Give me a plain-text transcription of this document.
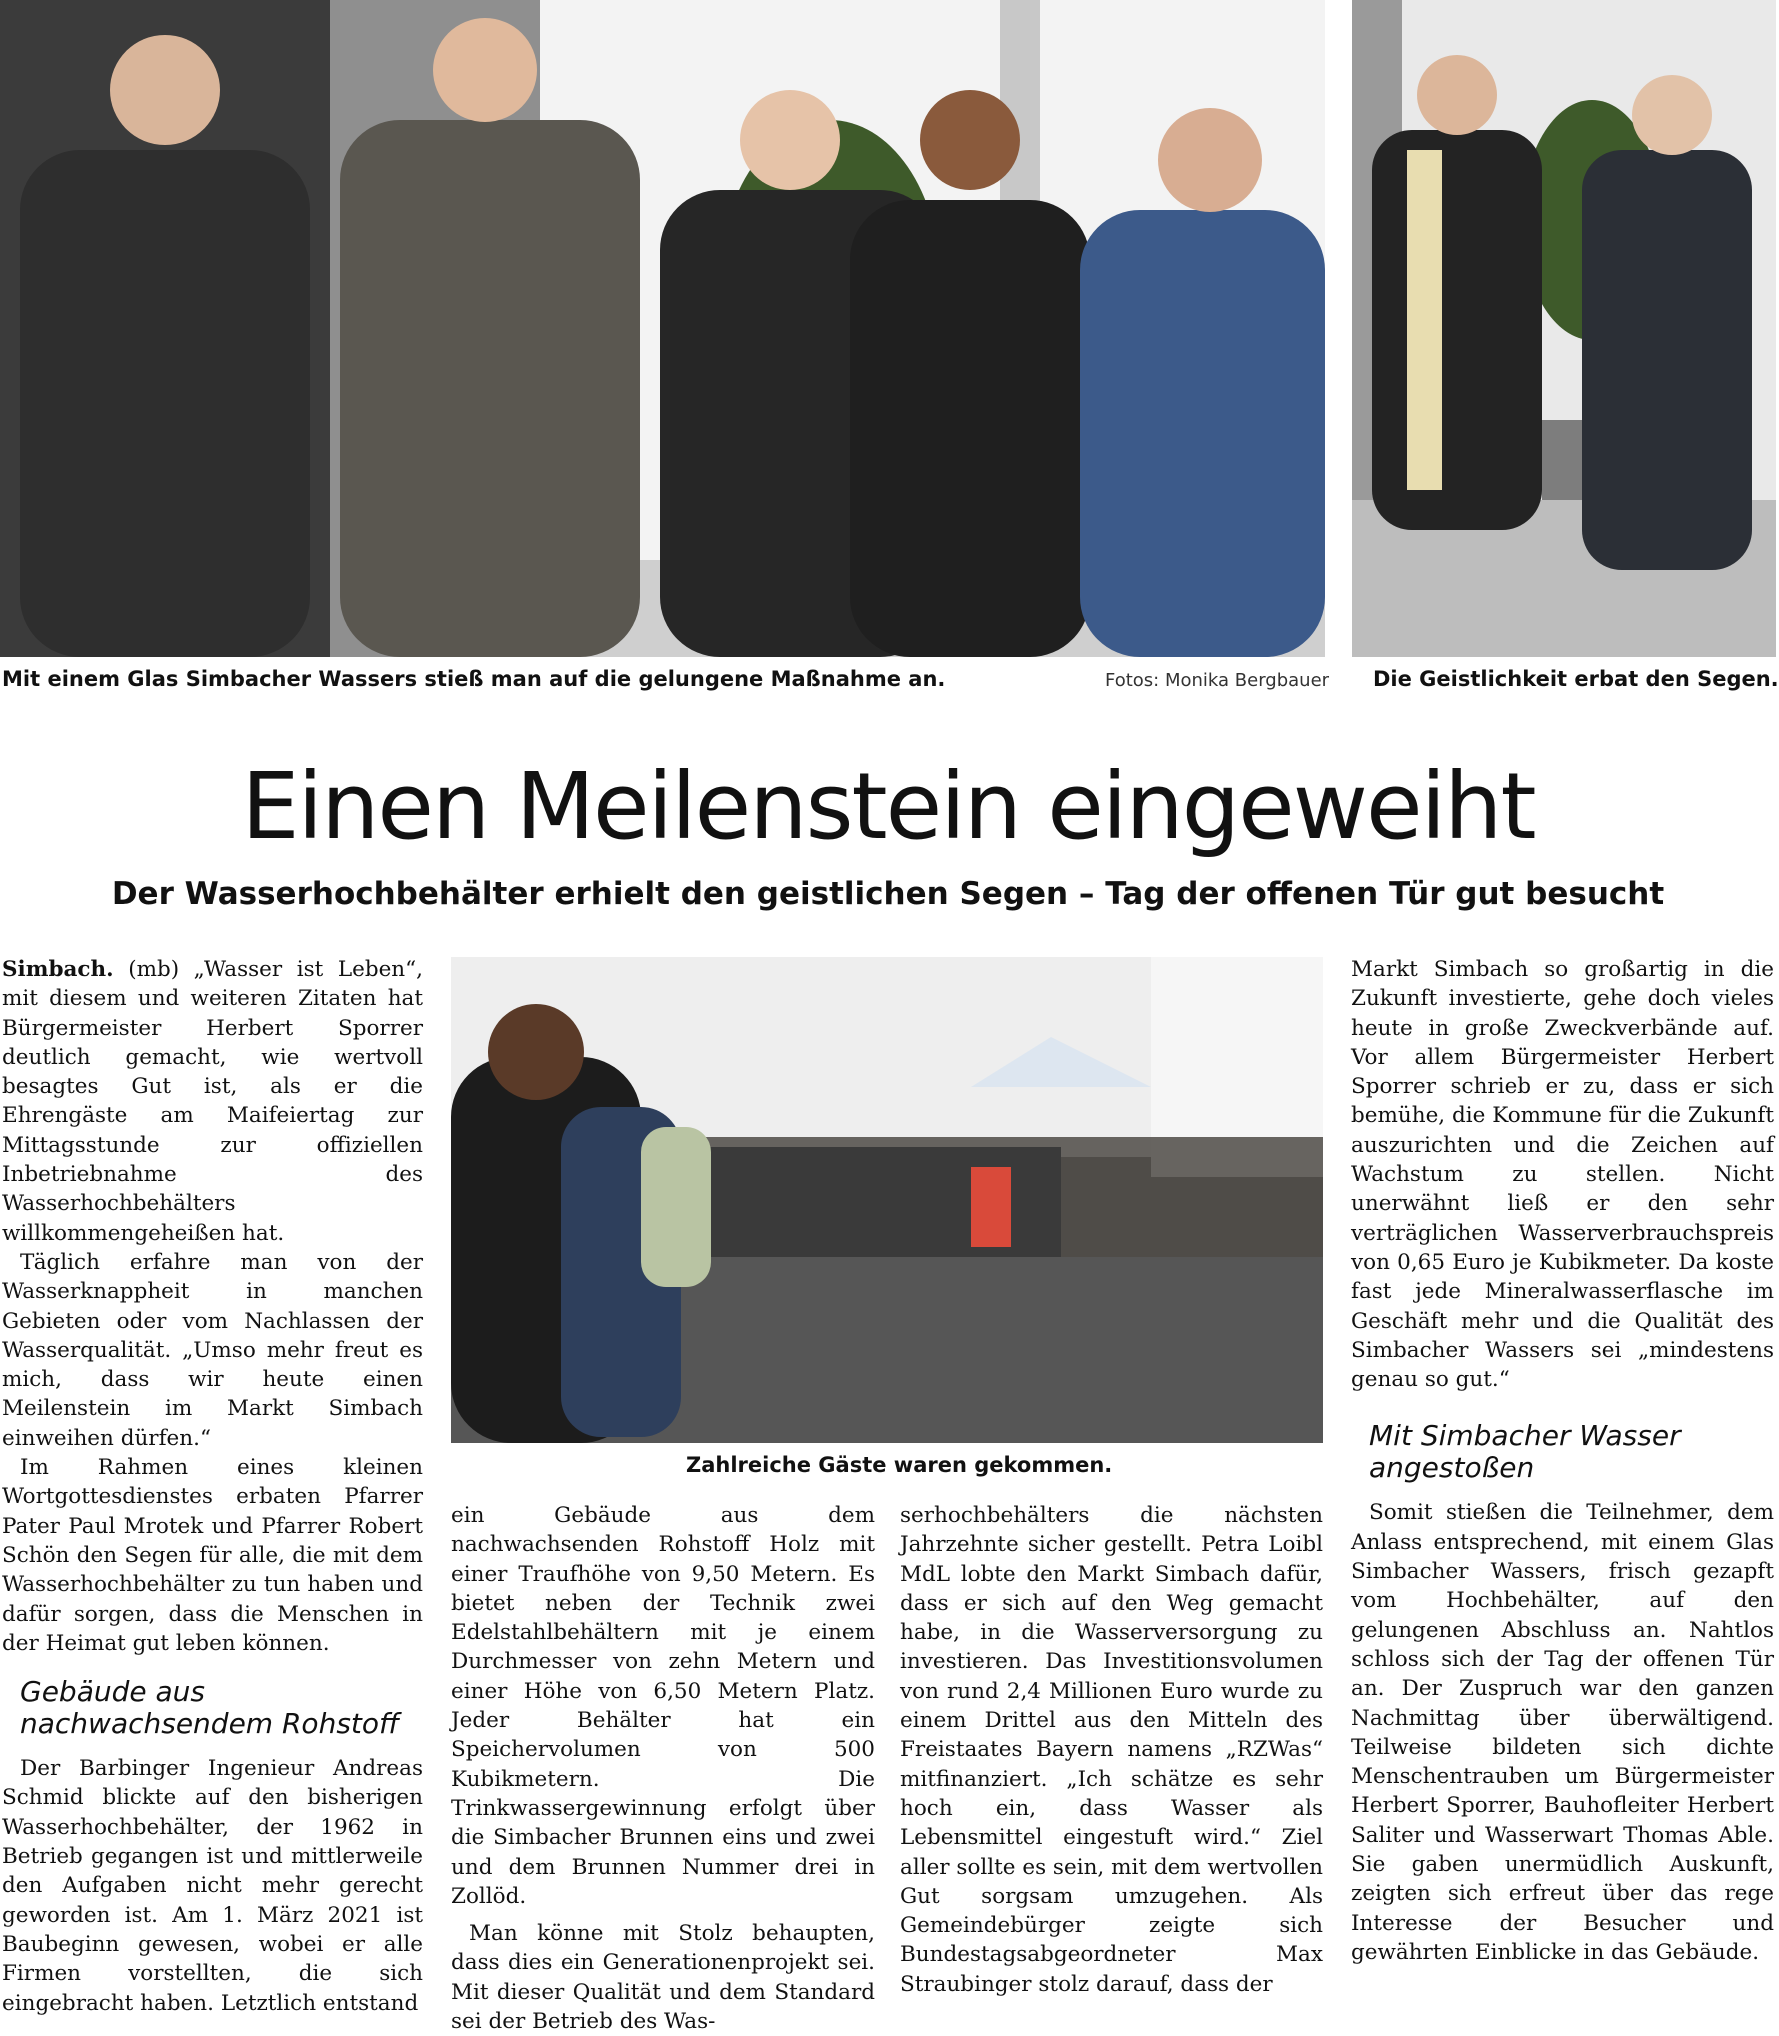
Mit einem Glas Simbacher Wassers stieß man auf die gelungene Maßnahme an.	Fotos: Monika Bergbauer Die Geistlichkeit erbat den Segen.
Einen Meilenstein eingeweiht
Der Wasserhochbehälter erhielt den geistlichen Segen – Tag der offenen Tür gut besucht
Zahlreiche Gäste waren gekommen.

Simbach. (mb) „Wasser ist Leben“, mit diesem und weiteren Zitaten hat Bürgermeister Herbert Sporrer deutlich gemacht, wie wertvoll besagtes Gut ist, als er die Ehrengäste am Maifeiertag zur Mittagsstunde zur offiziellen Inbetriebnahme des Wasserhochbehälters willkommengeheißen hat.

Täglich erfahre man von der Wasserknappheit in manchen Gebieten oder vom Nachlassen der Wasserqualität. „Umso mehr freut es mich, dass wir heute einen Meilenstein im Markt Simbach einweihen dürfen.“

Im Rahmen eines kleinen Wortgottesdienstes erbaten Pfarrer Pater Paul Mrotek und Pfarrer Robert Schön den Segen für alle, die mit dem Wasserhochbehälter zu tun haben und dafür sorgen, dass die Menschen in der Heimat gut leben können.

Gebäude aus nachwachsendem Rohstoff

Der Barbinger Ingenieur Andreas Schmid blickte auf den bisherigen Wasserhochbehälter, der 1962 in Betrieb gegangen ist und mittlerweile den Aufgaben nicht mehr gerecht geworden ist. Am 1. März 2021 ist Baubeginn gewesen, wobei er alle Firmen vorstellten, die sich eingebracht haben. Letztlich entstand

ein Gebäude aus dem nachwachsenden Rohstoff Holz mit einer Traufhöhe von 9,50 Metern. Es bietet neben der Technik zwei Edelstahlbehältern mit je einem Durchmesser von zehn Metern und einer Höhe von 6,50 Metern Platz. Jeder Behälter hat ein Speichervolumen von 500 Kubikmetern. Die Trinkwassergewinnung erfolgt über die Simbacher Brunnen eins und zwei und dem Brunnen Nummer drei in Zollöd.

Man könne mit Stolz behaupten, dass dies ein Generationenprojekt sei. Mit dieser Qualität und dem Standard sei der Betrieb des Was-

serhochbehälters die nächsten Jahrzehnte sicher gestellt. Petra Loibl MdL lobte den Markt Simbach dafür, dass er sich auf den Weg gemacht habe, in die Wasserversorgung zu investieren. Das Investitionsvolumen von rund 2,4 Millionen Euro wurde zu einem Drittel aus den Mitteln des Freistaates Bayern namens „RZWas“ mitfinanziert. „Ich schätze es sehr hoch ein, dass Wasser als Lebensmittel eingestuft wird.“ Ziel aller sollte es sein, mit dem wertvollen Gut sorgsam umzugehen. Als Gemeindebürger zeigte sich Bundestagsabgeordneter Max Straubinger stolz darauf, dass der

Markt Simbach so großartig in die Zukunft investierte, gehe doch vieles heute in große Zweckverbände auf. Vor allem Bürgermeister Herbert Sporrer schrieb er zu, dass er sich bemühe, die Kommune für die Zukunft auszurichten und die Zeichen auf Wachstum zu stellen. Nicht unerwähnt ließ er den sehr verträglichen Wasserverbrauchspreis von 0,65 Euro je Kubikmeter. Da koste fast jede Mineralwasserflasche im Geschäft mehr und die Qualität des Simbacher Wassers sei „mindestens genau so gut.“

Mit Simbacher Wasser angestoßen

Somit stießen die Teilnehmer, dem Anlass entsprechend, mit einem Glas Simbacher Wassers, frisch gezapft vom Hochbehälter, auf den gelungenen Abschluss an. Nahtlos schloss sich der Tag der offenen Tür an. Der Zuspruch war den ganzen Nachmittag über überwältigend. Teilweise bildeten sich dichte Menschentrauben um Bürgermeister Herbert Sporrer, Bauhofleiter Herbert Saliter und Wasserwart Thomas Able. Sie gaben unermüdlich Auskunft, zeigten sich erfreut über das rege Interesse der Besucher und gewährten Einblicke in das Gebäude.
